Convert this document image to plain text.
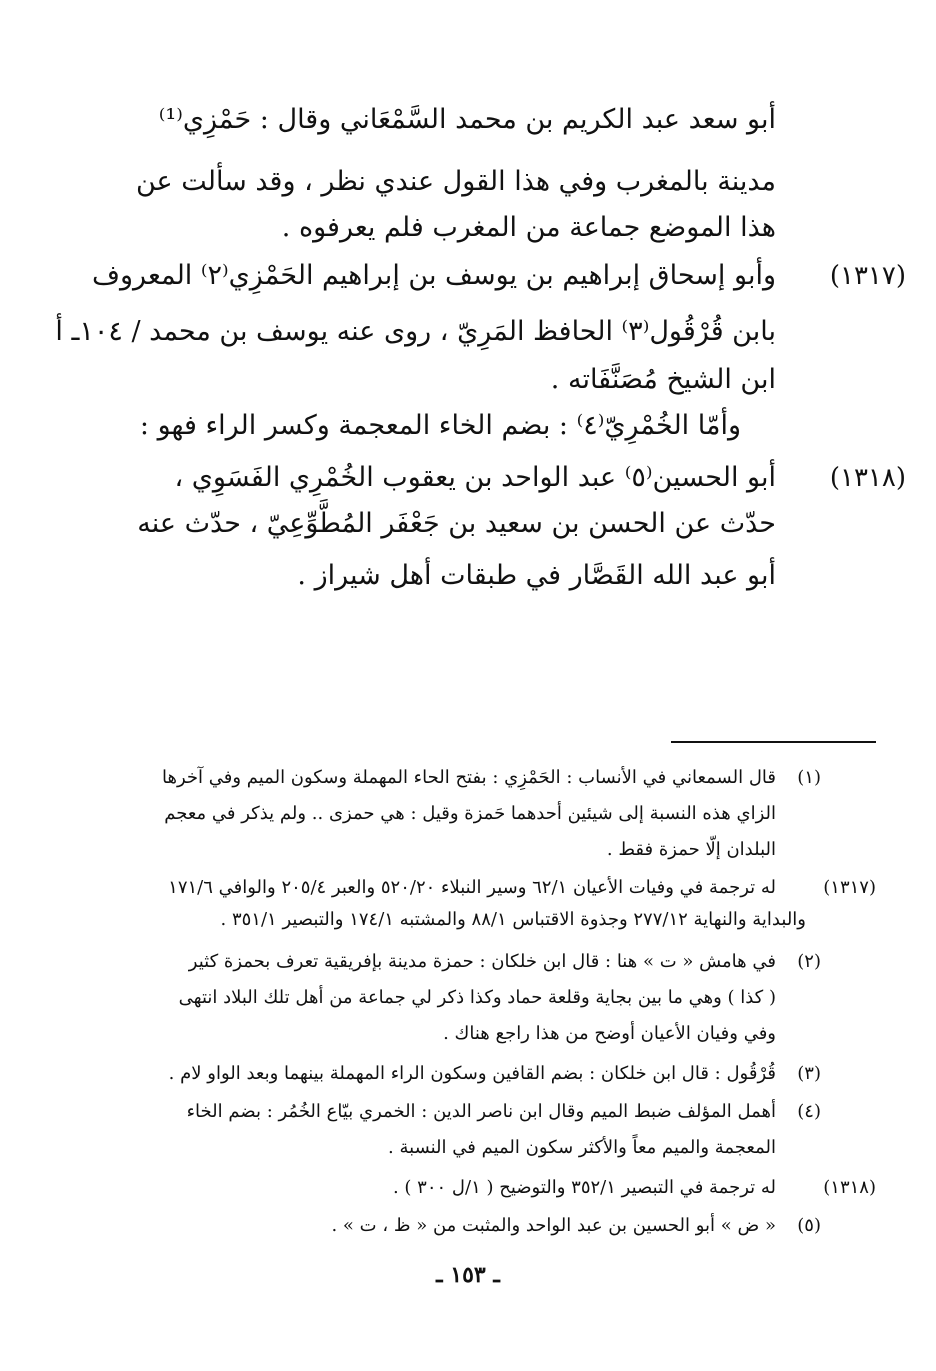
أبو سعد عبد الكريم بن محمد السَّمْعَاني وقال : حَمْزِي⁽¹⁾
مدينة بالمغرب وفي هذا القول عندي نظر ، وقد سألت عن
هذا الموضع جماعة من المغرب فلم يعرفوه .
(١٣١٧)
وأبو إسحاق إبراهيم بن يوسف بن إبراهيم الحَمْزِي⁽٢⁾ المعروف
بابن قُرْقُول⁽٣⁾ الحافظ المَرِيّ ، روى عنه يوسف بن محمد / ١٠٤ـ أ
ابن الشيخ مُصَنَّفَاته .
وأمّا الخُمْرِيّ⁽٤⁾ : بضم الخاء المعجمة وكسر الراء فهو :
(١٣١٨)
أبو الحسين⁽٥⁾ عبد الواحد بن يعقوب الخُمْرِي الفَسَوِي ،
حدّث عن الحسن بن سعيد بن جَعْفَر المُطَّوِّعِيّ ، حدّث عنه
أبو عبد الله القَصَّار في طبقات أهل شيراز .
(١)
قال السمعاني في الأنساب : الحَمْزِي : بفتح الحاء المهملة وسكون الميم وفي آخرها
الزاي هذه النسبة إلى شيئين أحدهما حَمزة وقيل : هي حمزى .. ولم يذكر في معجم
البلدان إلّا حمزة فقط .
(١٣١٧)
له ترجمة في وفيات الأعيان ٦٢/١ وسير النبلاء ٥٢٠/٢٠ والعبر ٢٠٥/٤ والوافي ١٧١/٦
والبداية والنهاية ٢٧٧/١٢ وجذوة الاقتباس ٨٨/١ والمشتبه ١٧٤/١ والتبصير ٣٥١/١ .
(٢)
في هامش « ت » هنا : قال ابن خلكان : حمزة مدينة بإفريقية تعرف بحمزة كثير
( كذا ) وهي ما بين بجاية وقلعة حماد وكذا ذكر لي جماعة من أهل تلك البلاد انتهى
وفي وفيان الأعيان أوضح من هذا راجع هناك .
(٣)
قُرْقُول : قال ابن خلكان : بضم القافين وسكون الراء المهملة بينهما وبعد الواو لام .
(٤)
أهمل المؤلف ضبط الميم وقال ابن ناصر الدين : الخمري بيّاع الخُمُر : بضم الخاء
المعجمة والميم معاً والأكثر سكون الميم في النسبة .
(١٣١٨)
له ترجمة في التبصير ٣٥٢/١ والتوضيح ( ١/ل ٣٠٠ ) .
(٥)
« ض » أبو الحسين بن عبد الواحد والمثبت من « ظ ، ت » .
ـ ١٥٣ ـ
